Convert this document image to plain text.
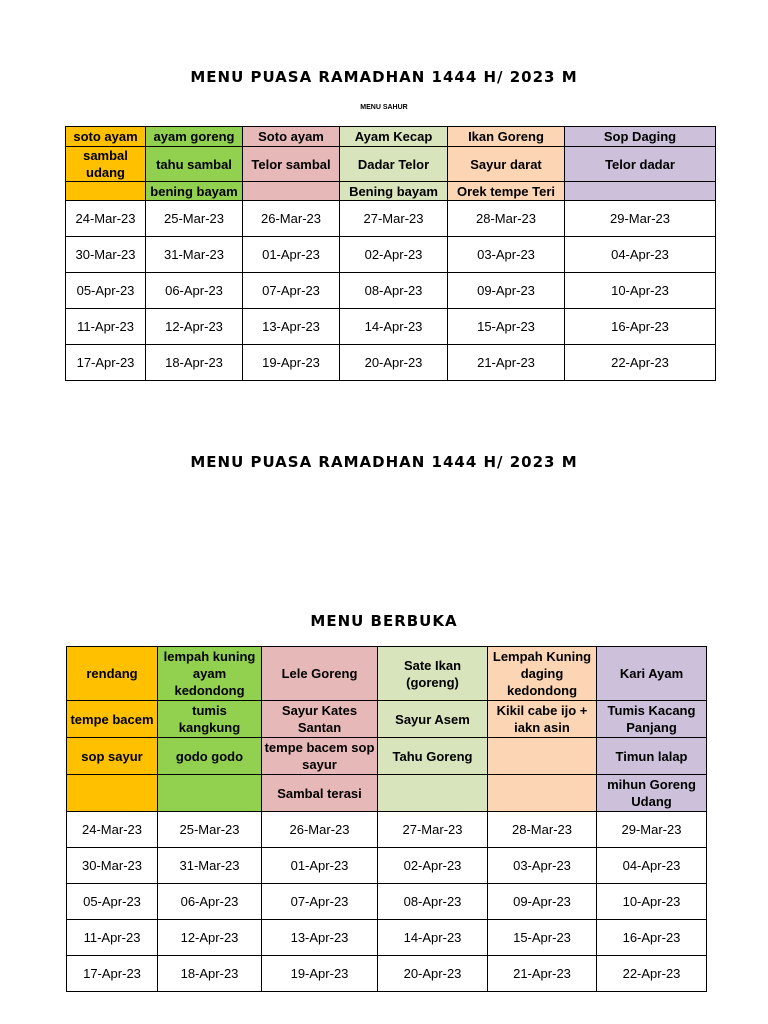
MENU PUASA RAMADHAN 1444 H/ 2023 M
MENU SAHUR
soto ayam	ayam goreng	Soto ayam	Ayam Kecap	Ikan Goreng	Sop Daging
sambal udang	tahu sambal	Telor sambal	Dadar Telor	Sayur darat	Telor dadar
	bening bayam		Bening bayam	Orek tempe Teri	
24-Mar-23	25-Mar-23	26-Mar-23	27-Mar-23	28-Mar-23	29-Mar-23
30-Mar-23	31-Mar-23	01-Apr-23	02-Apr-23	03-Apr-23	04-Apr-23
05-Apr-23	06-Apr-23	07-Apr-23	08-Apr-23	09-Apr-23	10-Apr-23
11-Apr-23	12-Apr-23	13-Apr-23	14-Apr-23	15-Apr-23	16-Apr-23
17-Apr-23	18-Apr-23	19-Apr-23	20-Apr-23	21-Apr-23	22-Apr-23
MENU PUASA RAMADHAN 1444 H/ 2023 M
MENU BERBUKA
rendang	lempah kuning ayam kedondong	Lele Goreng	Sate Ikan (goreng)	Lempah Kuning daging kedondong	Kari Ayam
tempe bacem	tumis kangkung	Sayur Kates Santan	Sayur Asem	Kikil cabe ijo + iakn asin	Tumis Kacang Panjang
sop sayur	godo godo	tempe bacem sop sayur	Tahu Goreng		Timun lalap
		Sambal terasi			mihun Goreng Udang
24-Mar-23	25-Mar-23	26-Mar-23	27-Mar-23	28-Mar-23	29-Mar-23
30-Mar-23	31-Mar-23	01-Apr-23	02-Apr-23	03-Apr-23	04-Apr-23
05-Apr-23	06-Apr-23	07-Apr-23	08-Apr-23	09-Apr-23	10-Apr-23
11-Apr-23	12-Apr-23	13-Apr-23	14-Apr-23	15-Apr-23	16-Apr-23
17-Apr-23	18-Apr-23	19-Apr-23	20-Apr-23	21-Apr-23	22-Apr-23
